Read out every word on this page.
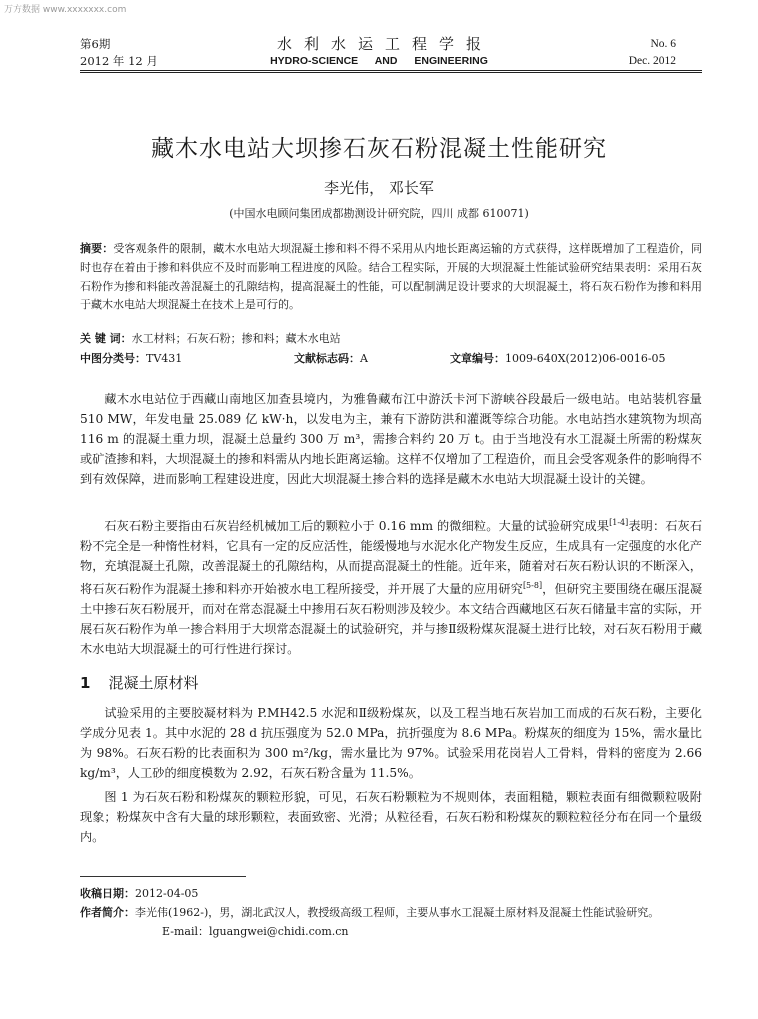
万方数据 www.xxxxxxx.com
第6期
2012 年 12 月
水利水运工程学报
HYDRO-SCIENCE AND ENGINEERING
No. 6
Dec. 2012
藏木水电站大坝掺石灰石粉混凝土性能研究
李光伟， 邓长军
(中国水电顾问集团成都勘测设计研究院，四川 成都 610071)
摘要：受客观条件的限制，藏木水电站大坝混凝土掺和料不得不采用从内地长距离运输的方式获得，这样既增加了工程造价，同时也存在着由于掺和料供应不及时而影响工程进度的风险。结合工程实际，开展的大坝混凝土性能试验研究结果表明：采用石灰石粉作为掺和料能改善混凝土的孔隙结构，提高混凝土的性能，可以配制满足设计要求的大坝混凝土，将石灰石粉作为掺和料用于藏木水电站大坝混凝土在技术上是可行的。
关 键 词：水工材料；石灰石粉；掺和料；藏木水电站
中图分类号：TV431	文献标志码：A	文章编号：1009-640X(2012)06-0016-05
藏木水电站位于西藏山南地区加查县境内，为雅鲁藏布江中游沃卡河下游峡谷段最后一级电站。电站装机容量 510 MW，年发电量 25.089 亿 kW·h，以发电为主，兼有下游防洪和灌溉等综合功能。水电站挡水建筑物为坝高 116 m 的混凝土重力坝，混凝土总量约 300 万 m³，需掺合料约 20 万 t。由于当地没有水工混凝土所需的粉煤灰或矿渣掺和料，大坝混凝土的掺和料需从内地长距离运输。这样不仅增加了工程造价，而且会受客观条件的影响得不到有效保障，进而影响工程建设进度，因此大坝混凝土掺合料的选择是藏木水电站大坝混凝土设计的关键。
石灰石粉主要指由石灰岩经机械加工后的颗粒小于 0.16 mm 的微细粒。大量的试验研究成果[1-4]表明：石灰石粉不完全是一种惰性材料，它具有一定的反应活性，能缓慢地与水泥水化产物发生反应，生成具有一定强度的水化产物，充填混凝土孔隙，改善混凝土的孔隙结构，从而提高混凝土的性能。近年来，随着对石灰石粉认识的不断深入，将石灰石粉作为混凝土掺和料亦开始被水电工程所接受，并开展了大量的应用研究[5-8]，但研究主要围绕在碾压混凝土中掺石灰石粉展开，而对在常态混凝土中掺用石灰石粉则涉及较少。本文结合西藏地区石灰石储量丰富的实际，开展石灰石粉作为单一掺合料用于大坝常态混凝土的试验研究，并与掺Ⅱ级粉煤灰混凝土进行比较，对石灰石粉用于藏木水电站大坝混凝土的可行性进行探讨。
1 混凝土原材料
试验采用的主要胶凝材料为 P.MH42.5 水泥和Ⅱ级粉煤灰，以及工程当地石灰岩加工而成的石灰石粉，主要化学成分见表 1。其中水泥的 28 d 抗压强度为 52.0 MPa，抗折强度为 8.6 MPa。粉煤灰的细度为 15%，需水量比为 98%。石灰石粉的比表面积为 300 m²/kg，需水量比为 97%。试验采用花岗岩人工骨料，骨料的密度为 2.66 kg/m³，人工砂的细度模数为 2.92，石灰石粉含量为 11.5%。
图 1 为石灰石粉和粉煤灰的颗粒形貌，可见，石灰石粉颗粒为不规则体，表面粗糙，颗粒表面有细微颗粒吸附现象；粉煤灰中含有大量的球形颗粒，表面致密、光滑；从粒径看，石灰石粉和粉煤灰的颗粒粒径分布在同一个量级内。
收稿日期：2012-04-05
作者简介：李光伟(1962-)，男，湖北武汉人，教授级高级工程师，主要从事水工混凝土原材料及混凝土性能试验研究。
E-mail：lguangwei@chidi.com.cn
